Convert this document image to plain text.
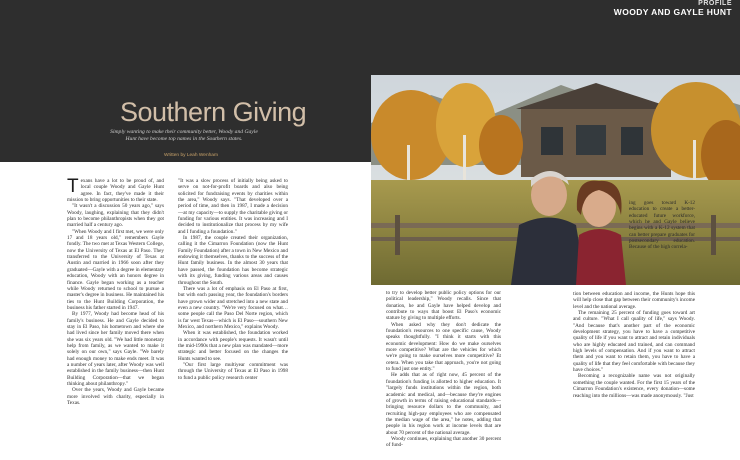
PROFILE
WOODY AND GAYLE HUNT
Southern Giving
Simply wanting to make their community better, Woody and Gayle Hunt have become top names in the Southern states.
Written by Leah Wenham
T exans have a lot to be proud of, and local couple Woody and Gayle Hunt agree. In fact, they've made it their mission to bring opportunities to their state.

"It wasn't a discussion 50 years ago," says Woody, laughing, explaining that they didn't plan to become philanthropists when they got married half a century ago.

"When Woody and I first met, we were only 17 and 18 years old," remembers Gayle fondly. The two met at Texas Western College, now the University of Texas at El Paso. They transferred to the University of Texas at Austin and married in 1966 soon after they graduated—Gayle with a degree in elementary education, Woody with an honors degree in finance. Gayle began working as a teacher while Woody returned to school to pursue a master's degree in business. He maintained his ties to the Hunt Building Corporation, the business his father started in 1947.

By 1977, Woody had become head of his family's business. He and Gayle decided to stay in El Paso, his hometown and where she had lived since her family moved there when she was six years old. "We had little monetary help from family, as we wanted to make it solely on our own," says Gayle. "We barely had enough money to make ends meet. It was a number of years later, after Woody was well established in the family business—then Hunt Building Corporation—that we began thinking about philanthropy."

Over the years, Woody and Gayle became more involved with charity, especially in Texas.

"It was a slow process of initially being asked to serve on not-for-profit boards and also being solicited for fundraising events by charities within the area," Woody says. "That developed over a period of time, and then in 1987, I made a decision—at my capacity—to supply the charitable giving or funding for various entities. It was increasing and I decided to institutionalize that process by my wife and I funding a foundation."

In 1987, the couple created their organization, calling it the Cimarron Foundation (now the Hunt Family Foundation) after a town in New Mexico and endowing it themselves, thanks to the success of the Hunt family business. In the almost 30 years that have passed, the foundation has become strategic with its giving, funding various areas and causes throughout the South.

There was a lot of emphasis on El Paso at first, but with each passing year, the foundation's borders have grown wider and stretched into a new state and even a new country. "We're very focused on what…some people call the Paso Del Norte region, which is far west Texas—which is El Paso—southern New Mexico, and northern Mexico," explains Woody.

When it was established, the foundation worked in accordance with people's requests. It wasn't until the mid-1990s that a new plan was mandated—more strategic and better focused on the changes the Hunts wanted to see.

"Our first large multiyear commitment was through the University of Texas at El Paso in 1998 to fund a public policy research center

to try to develop better public policy options for our political leadership," Woody recalls. Since that donation, he and Gayle have helped develop and contribute to ways that boost El Paso's economic stature by giving to multiple efforts.

When asked why they don't dedicate the foundation's resources to one specific cause, Woody speaks thoughtfully. "I think it starts with this economic development: How do we make ourselves more competitive? What are the vehicles for which we're going to make ourselves more competitive? Et cetera. When you take that approach, you're not going to fund just one entity."

He adds that as of right now, 45 percent of the foundation's funding is allotted to higher education. It "largely funds institutions within the region, both academic and medical, and—because they're engines of growth in terms of raising educational standards—bringing resource dollars to the community, and recruiting high-pay employees who are compensated the median wage of the area," he notes, adding that people in his region work at income levels that are about 70 percent of the national average.

Woody continues, explaining that another 30 percent of fund-

ing goes toward K-12 education to create a better-educated future workforce, which he and Gayle believe begins with a K-12 system that can better prepare graduates for postsecondary education. Because of the high correla-

tion between education and income, the Hunts hope this will help close that gap between their community's income level and the national average.

The remaining 25 percent of funding goes toward art and culture. "What I call quality of life," says Woody. "And because that's another part of the economic development strategy, you have to have a competitive quality of life if you want to attract and retain individuals who are highly educated and trained, and can command high levels of compensation. And if you want to attract them and you want to retain them, you have to have a quality of life that they feel comfortable with because they have choices."

Becoming a recognizable name was not originally something the couple wanted. For the first 15 years of the Cimarron Foundation's existence, every donation—some reaching into the millions—was made anonymously. "Just
